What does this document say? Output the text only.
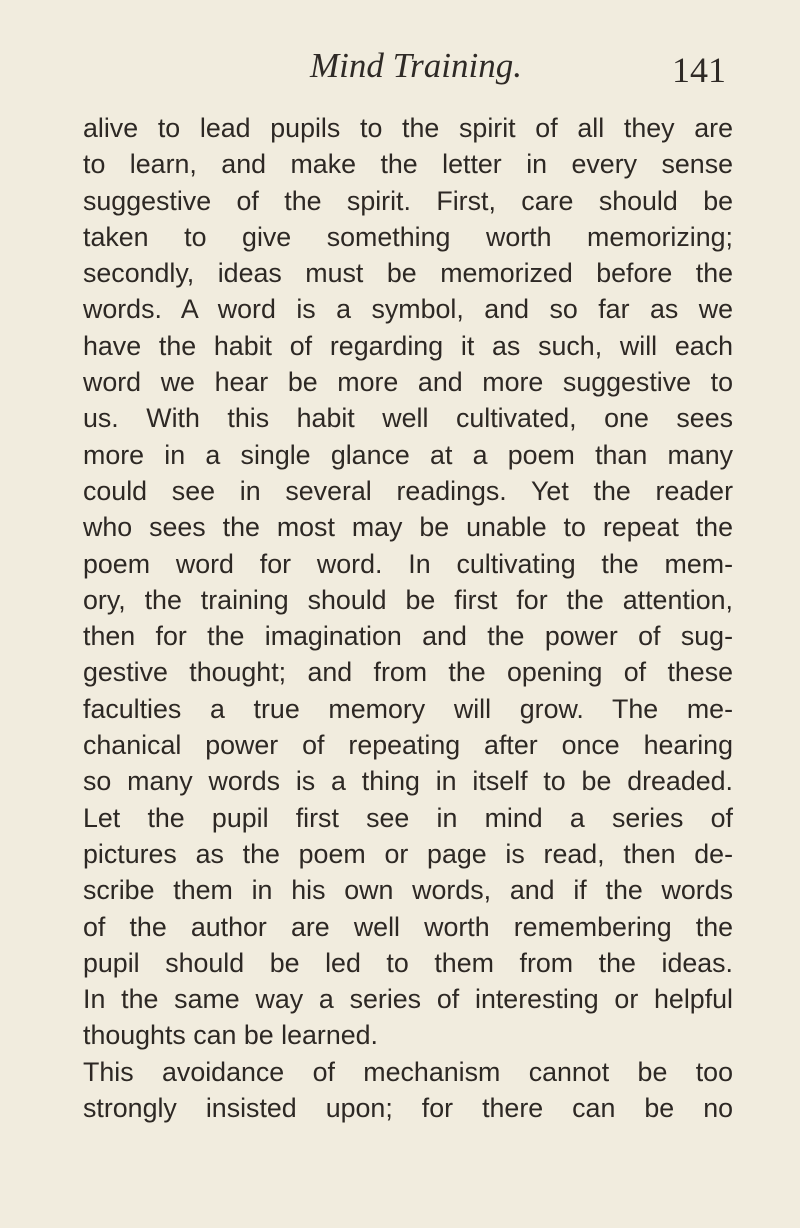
Mind Training.	141
alive to lead pupils to the spirit of all they are
to learn, and make the letter in every sense
suggestive of the spirit. First, care should be
taken to give something worth memorizing;
secondly, ideas must be memorized before the
words. A word is a symbol, and so far as we
have the habit of regarding it as such, will each
word we hear be more and more suggestive to
us. With this habit well cultivated, one sees
more in a single glance at a poem than many
could see in several readings. Yet the reader
who sees the most may be unable to repeat the
poem word for word. In cultivating the mem-
ory, the training should be first for the attention,
then for the imagination and the power of sug-
gestive thought; and from the opening of these
faculties a true memory will grow. The me-
chanical power of repeating after once hearing
so many words is a thing in itself to be dreaded.
Let the pupil first see in mind a series of
pictures as the poem or page is read, then de-
scribe them in his own words, and if the words
of the author are well worth remembering the
pupil should be led to them from the ideas.
In the same way a series of interesting or helpful
thoughts can be learned.
This avoidance of mechanism cannot be too
strongly insisted upon; for there can be no
